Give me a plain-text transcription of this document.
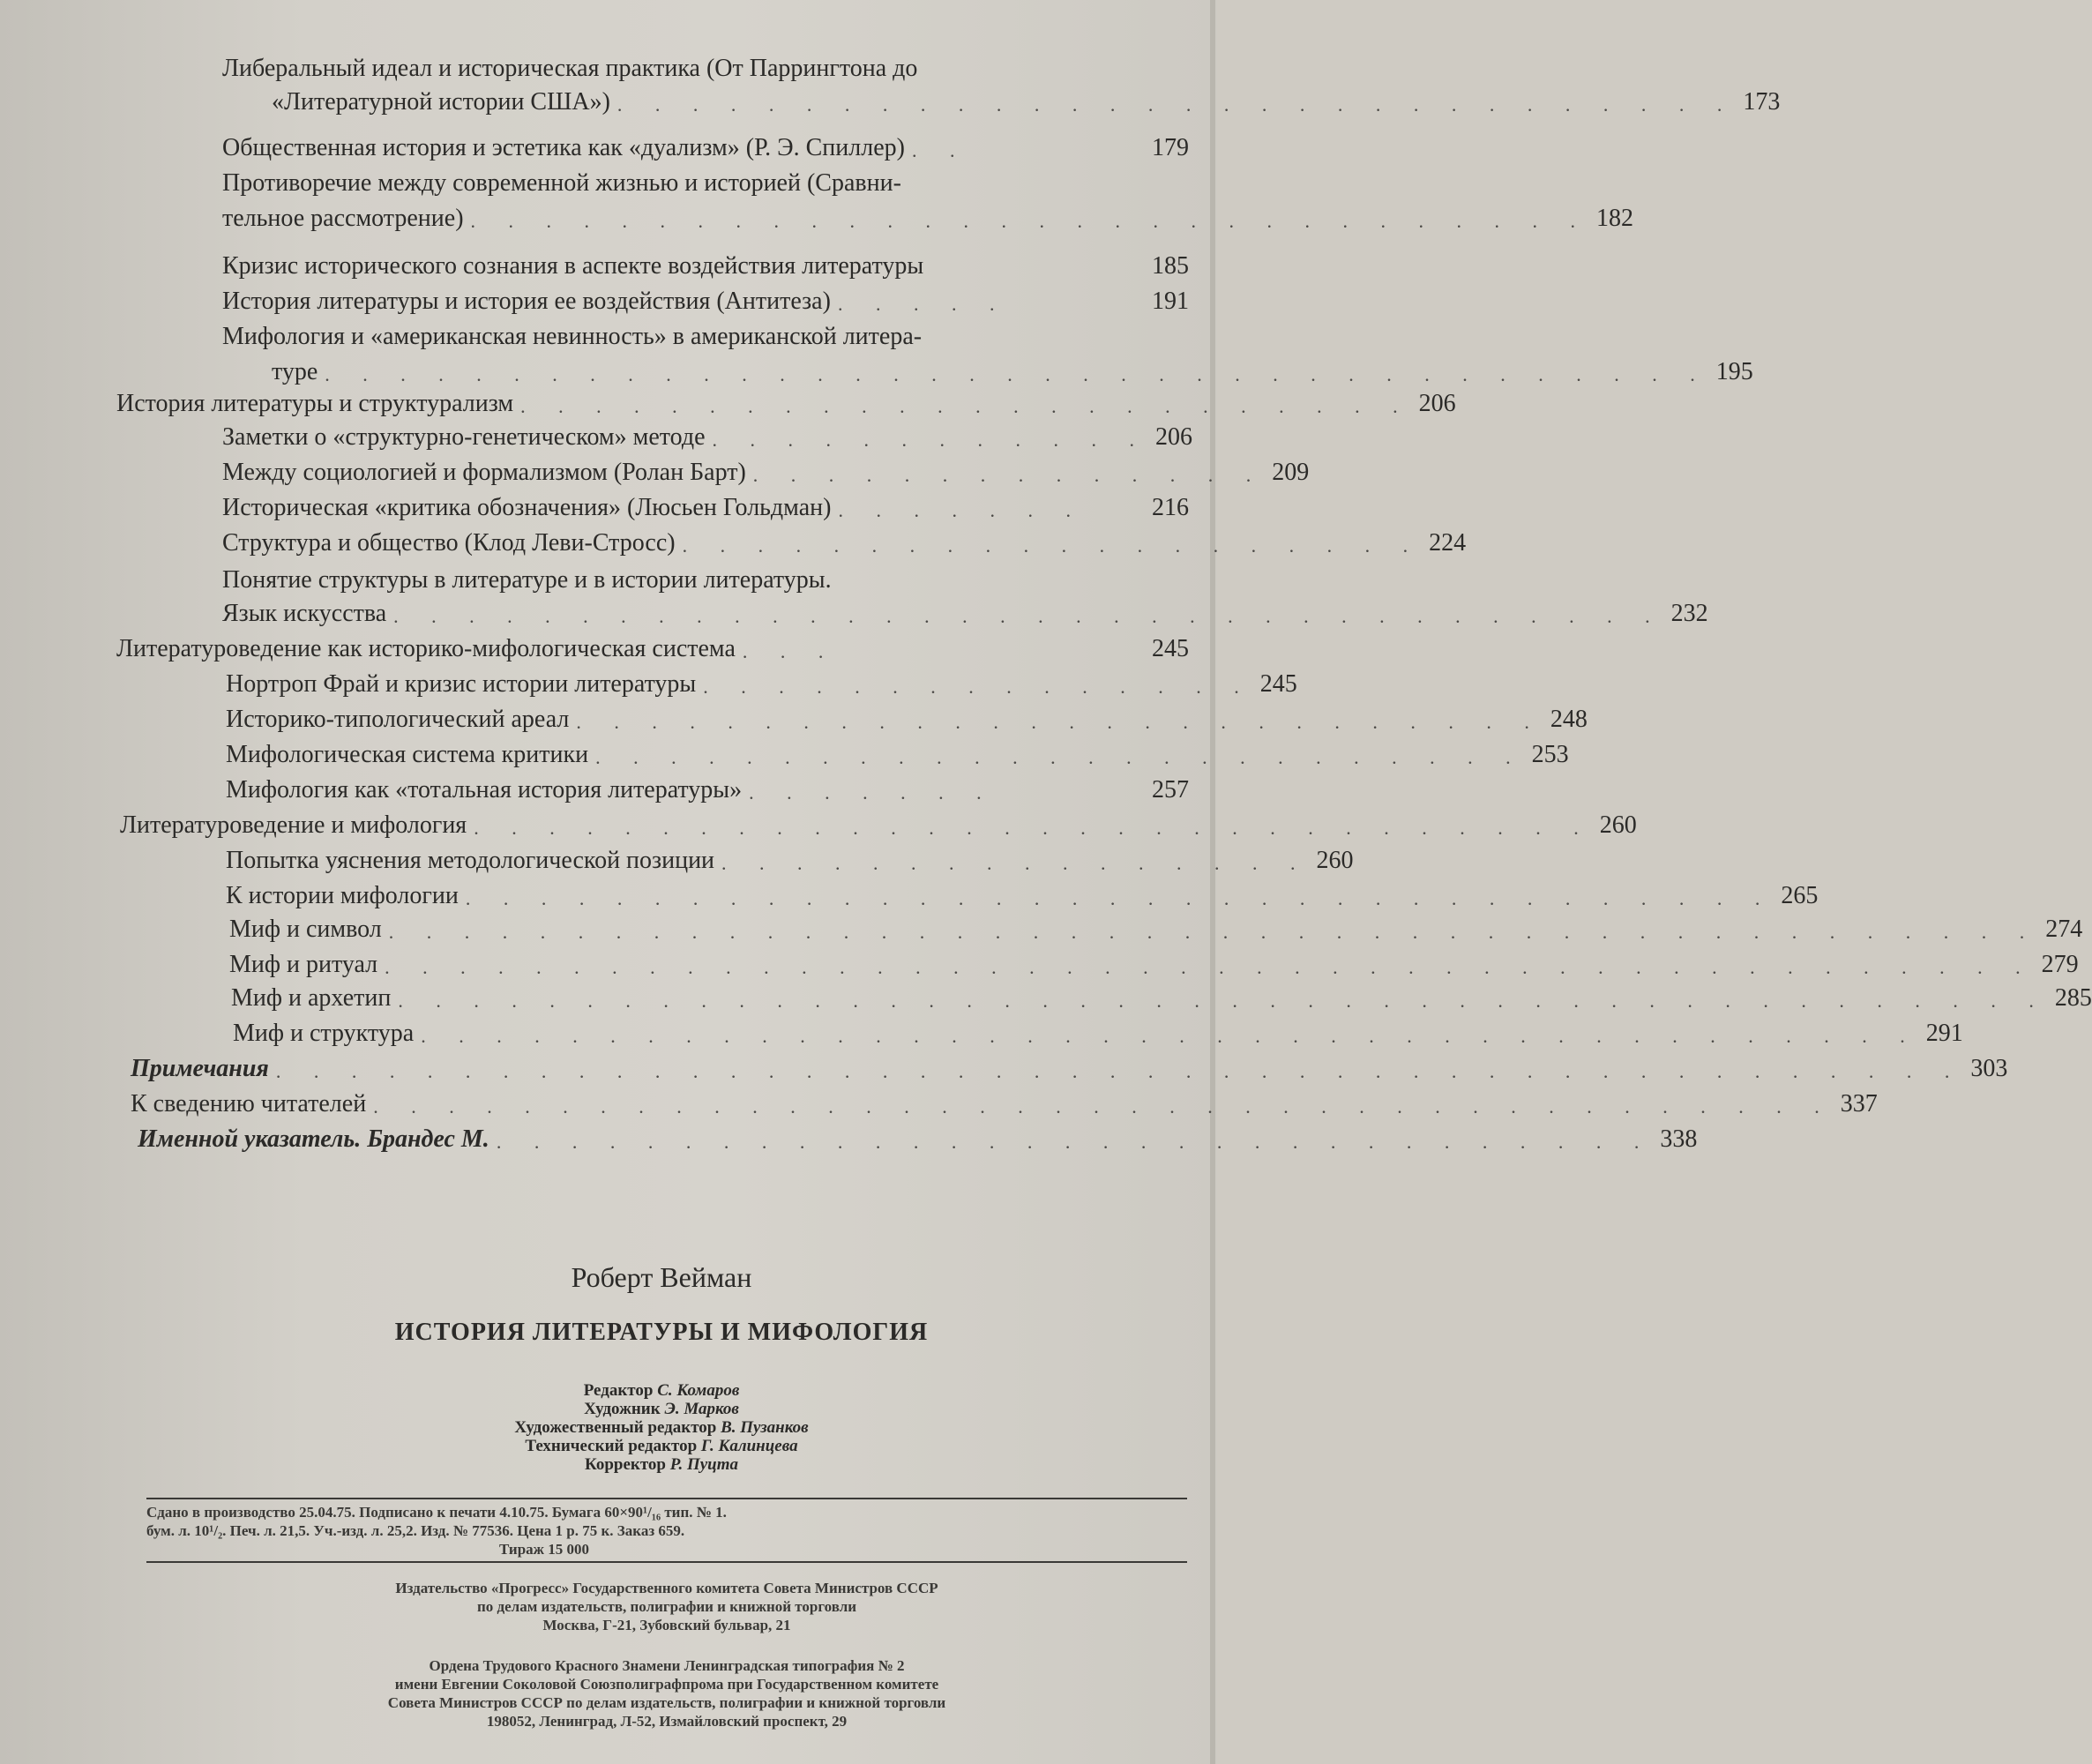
Либеральный идеал и историческая практика (От Паррингтона до
«Литературной истории США») . . . . . . . . . . . . . . . . . . . . . . . . . . . . . . 173
Общественная история и эстетика как «дуализм» (Р. Э. Спиллер) . .	179
Противоречие между современной жизнью и историей (Сравни-
тельное рассмотрение) . . . . . . . . . . . . . . . . . . . . . . . . . . . . . . 182
Кризис исторического сознания в аспекте воздействия литературы	185
История литературы и история ее воздействия (Антитеза) . . . . .	191
Мифология и «американская невинность» в американской литера-
туре . . . . . . . . . . . . . . . . . . . . . . . . . . . . . . . . . . . . . 195
История литературы и структурализм . . . . . . . . . . . . . . . . . . . . . . . . 206
Заметки о «структурно-генетическом» методе . . . . . . . . . . . . 206
Между социологией и формализмом (Ролан Барт) . . . . . . . . . . . . . . 209
Историческая «критика обозначения» (Люсьен Гольдман) . . . . . . .	216
Структура и общество (Клод Леви-Стросс) . . . . . . . . . . . . . . . . . . . . 224
Понятие структуры в литературе и в истории литературы.
Язык искусства . . . . . . . . . . . . . . . . . . . . . . . . . . . . . . . . . . 232
Литературоведение как историко-мифологическая система . . .	245
Нортроп Фрай и кризис истории литературы . . . . . . . . . . . . . . . 245
Историко-типологический ареал . . . . . . . . . . . . . . . . . . . . . . . . . . 248
Мифологическая система критики . . . . . . . . . . . . . . . . . . . . . . . . . 253
Мифология как «тотальная история литературы» . . . . . . .	257
Литературоведение и мифология . . . . . . . . . . . . . . . . . . . . . . . . . . . . . . 260
Попытка уяснения методологической позиции . . . . . . . . . . . . . . . . 260
К истории мифологии . . . . . . . . . . . . . . . . . . . . . . . . . . . . . . . . . . . 265
Миф и символ . . . . . . . . . . . . . . . . . . . . . . . . . . . . . . . . . . . . . . . . . . . . 274
Миф и ритуал . . . . . . . . . . . . . . . . . . . . . . . . . . . . . . . . . . . . . . . . . . . . 279
Миф и архетип . . . . . . . . . . . . . . . . . . . . . . . . . . . . . . . . . . . . . . . . . . . . 285
Миф и структура . . . . . . . . . . . . . . . . . . . . . . . . . . . . . . . . . . . . . . . . 291
Примечания . . . . . . . . . . . . . . . . . . . . . . . . . . . . . . . . . . . . . . . . . . . . . 303
К сведению читателей . . . . . . . . . . . . . . . . . . . . . . . . . . . . . . . . . . . . . . . 337
Именной указатель. Брандес М. . . . . . . . . . . . . . . . . . . . . . . . . . . . . . . . 338
Роберт Вейман
ИСТОРИЯ ЛИТЕРАТУРЫ И МИФОЛОГИЯ
Редактор С. Комаров
Художник Э. Марков
Художественный редактор В. Пузанков
Технический редактор Г. Калинцева
Корректор Р. Пуцта
Сдано в производство 25.04.75. Подписано к печати 4.10.75. Бумага 60×90¹/₁₆ тип. № 1.
бум. л. 10¹/₂. Печ. л. 21,5. Уч.-изд. л. 25,2. Изд. № 77536. Цена 1 р. 75 к. Заказ 659.
Тираж 15 000
Издательство «Прогресс» Государственного комитета Совета Министров СССР
по делам издательств, полиграфии и книжной торговли
Москва, Г-21, Зубовский бульвар, 21
Ордена Трудового Красного Знамени Ленинградская типография № 2
имени Евгении Соколовой Союзполиграфпрома при Государственном комитете
Совета Министров СССР по делам издательств, полиграфии и книжной торговли
198052, Ленинград, Л-52, Измайловский проспект, 29
